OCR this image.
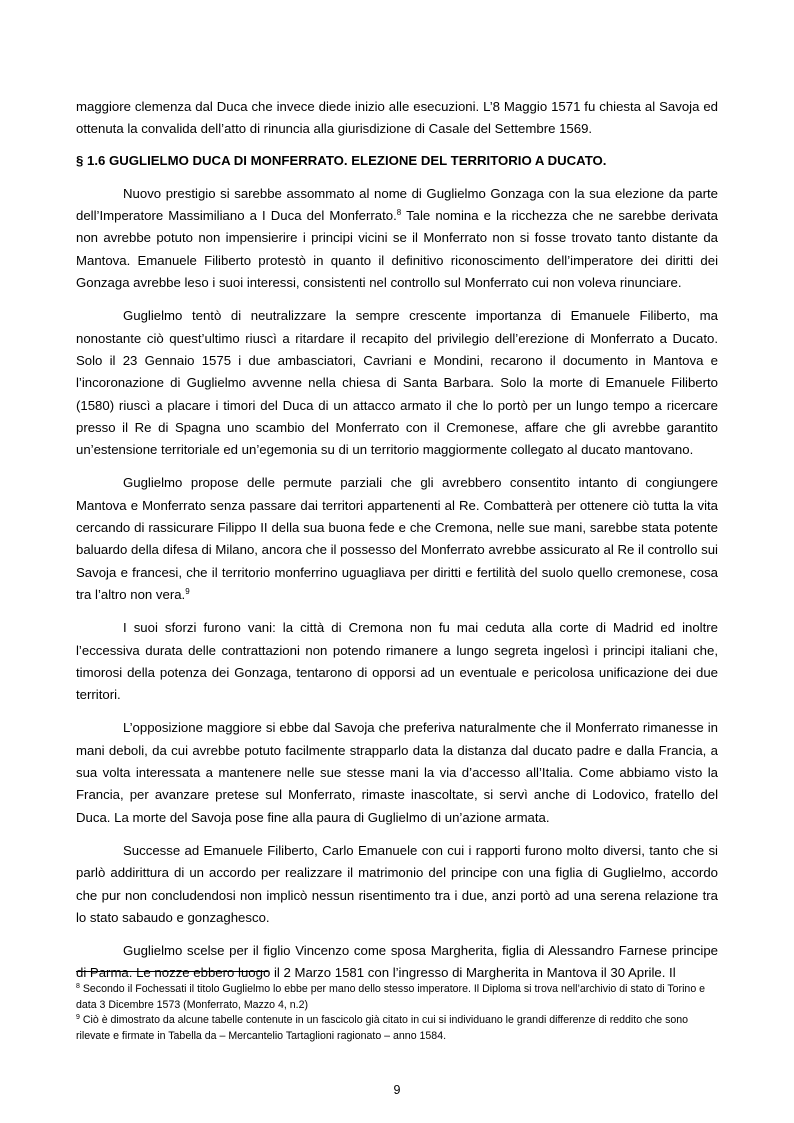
maggiore clemenza dal Duca che invece diede inizio alle esecuzioni. L’8 Maggio 1571 fu chiesta al Savoja ed ottenuta la convalida dell’atto di rinuncia alla giurisdizione di Casale del Settembre 1569.

§ 1.6 GUGLIELMO DUCA DI MONFERRATO. ELEZIONE DEL TERRITORIO A DUCATO.

Nuovo prestigio si sarebbe assommato al nome di Guglielmo Gonzaga con la sua elezione da parte dell’Imperatore Massimiliano a I Duca del Monferrato.$^8$ Tale nomina e la ricchezza che ne sarebbe derivata non avrebbe potuto non impensierire i principi vicini se il Monferrato non si fosse trovato tanto distante da Mantova. Emanuele Filiberto protestò in quanto il definitivo riconoscimento dell’imperatore dei diritti dei Gonzaga avrebbe leso i suoi interessi, consistenti nel controllo sul Monferrato cui non voleva rinunciare.

Guglielmo tentò di neutralizzare la sempre crescente importanza di Emanuele Filiberto, ma nonostante ciò quest’ultimo riuscì a ritardare il recapito del privilegio dell’erezione di Monferrato a Ducato. Solo il 23 Gennaio 1575 i due ambasciatori, Cavriani e Mondini, recarono il documento in Mantova e l’incoronazione di Guglielmo avvenne nella chiesa di Santa Barbara. Solo la morte di Emanuele Filiberto (1580) riuscì a placare i timori del Duca di un attacco armato il che lo portò per un lungo tempo a ricercare presso il Re di Spagna uno scambio del Monferrato con il Cremonese, affare che gli avrebbe garantito un’estensione territoriale ed un’egemonia su di un territorio maggiormente collegato al ducato mantovano.

Guglielmo propose delle permute parziali che gli avrebbero consentito intanto di congiungere Mantova e Monferrato senza passare dai territori appartenenti al Re. Combatterà per ottenere ciò tutta la vita cercando di rassicurare Filippo II della sua buona fede e che Cremona, nelle sue mani, sarebbe stata potente baluardo della difesa di Milano, ancora che il possesso del Monferrato avrebbe assicurato al Re il controllo sui Savoja e francesi, che il territorio monferrino uguagliava per diritti e fertilità del suolo quello cremonese, cosa tra l’altro non vera.$^9$

I suoi sforzi furono vani: la città di Cremona non fu mai ceduta alla corte di Madrid ed inoltre l’eccessiva durata delle contrattazioni non potendo rimanere a lungo segreta ingelosì i principi italiani che, timorosi della potenza dei Gonzaga, tentarono di opporsi ad un eventuale e pericolosa unificazione dei due territori.

L’opposizione maggiore si ebbe dal Savoja che preferiva naturalmente che il Monferrato rimanesse in mani deboli, da cui avrebbe potuto facilmente strapparlo data la distanza dal ducato padre e dalla Francia, a sua volta interessata a mantenere nelle sue stesse mani la via d’accesso all’Italia. Come abbiamo visto la Francia, per avanzare pretese sul Monferrato, rimaste inascoltate, si servì anche di Lodovico, fratello del Duca. La morte del Savoja pose fine alla paura di Guglielmo di un’azione armata.

Successe ad Emanuele Filiberto, Carlo Emanuele con cui i rapporti furono molto diversi, tanto che si parlò addirittura di un accordo per realizzare il matrimonio del principe con una figlia di Guglielmo, accordo che pur non concludendosi non implicò nessun risentimento tra i due, anzi portò ad una serena relazione tra lo stato sabaudo e gonzaghesco.

Guglielmo scelse per il figlio Vincenzo come sposa Margherita, figlia di Alessandro Farnese principe di Parma. Le nozze ebbero luogo il 2 Marzo 1581 con l’ingresso di Margherita in Mantova il 30 Aprile. Il

$^8$ Secondo il Fochessati il titolo Guglielmo lo ebbe per mano dello stesso imperatore. Il Diploma si trova nell’archivio di stato di Torino e data 3 Dicembre 1573 (Monferrato, Mazzo 4, n.2)

$^9$ Ciò è dimostrato da alcune tabelle contenute in un fascicolo già citato in cui si individuano le grandi differenze di reddito che sono rilevate e firmate in Tabella da – Mercantelio Tartaglioni ragionato – anno 1584.

9
